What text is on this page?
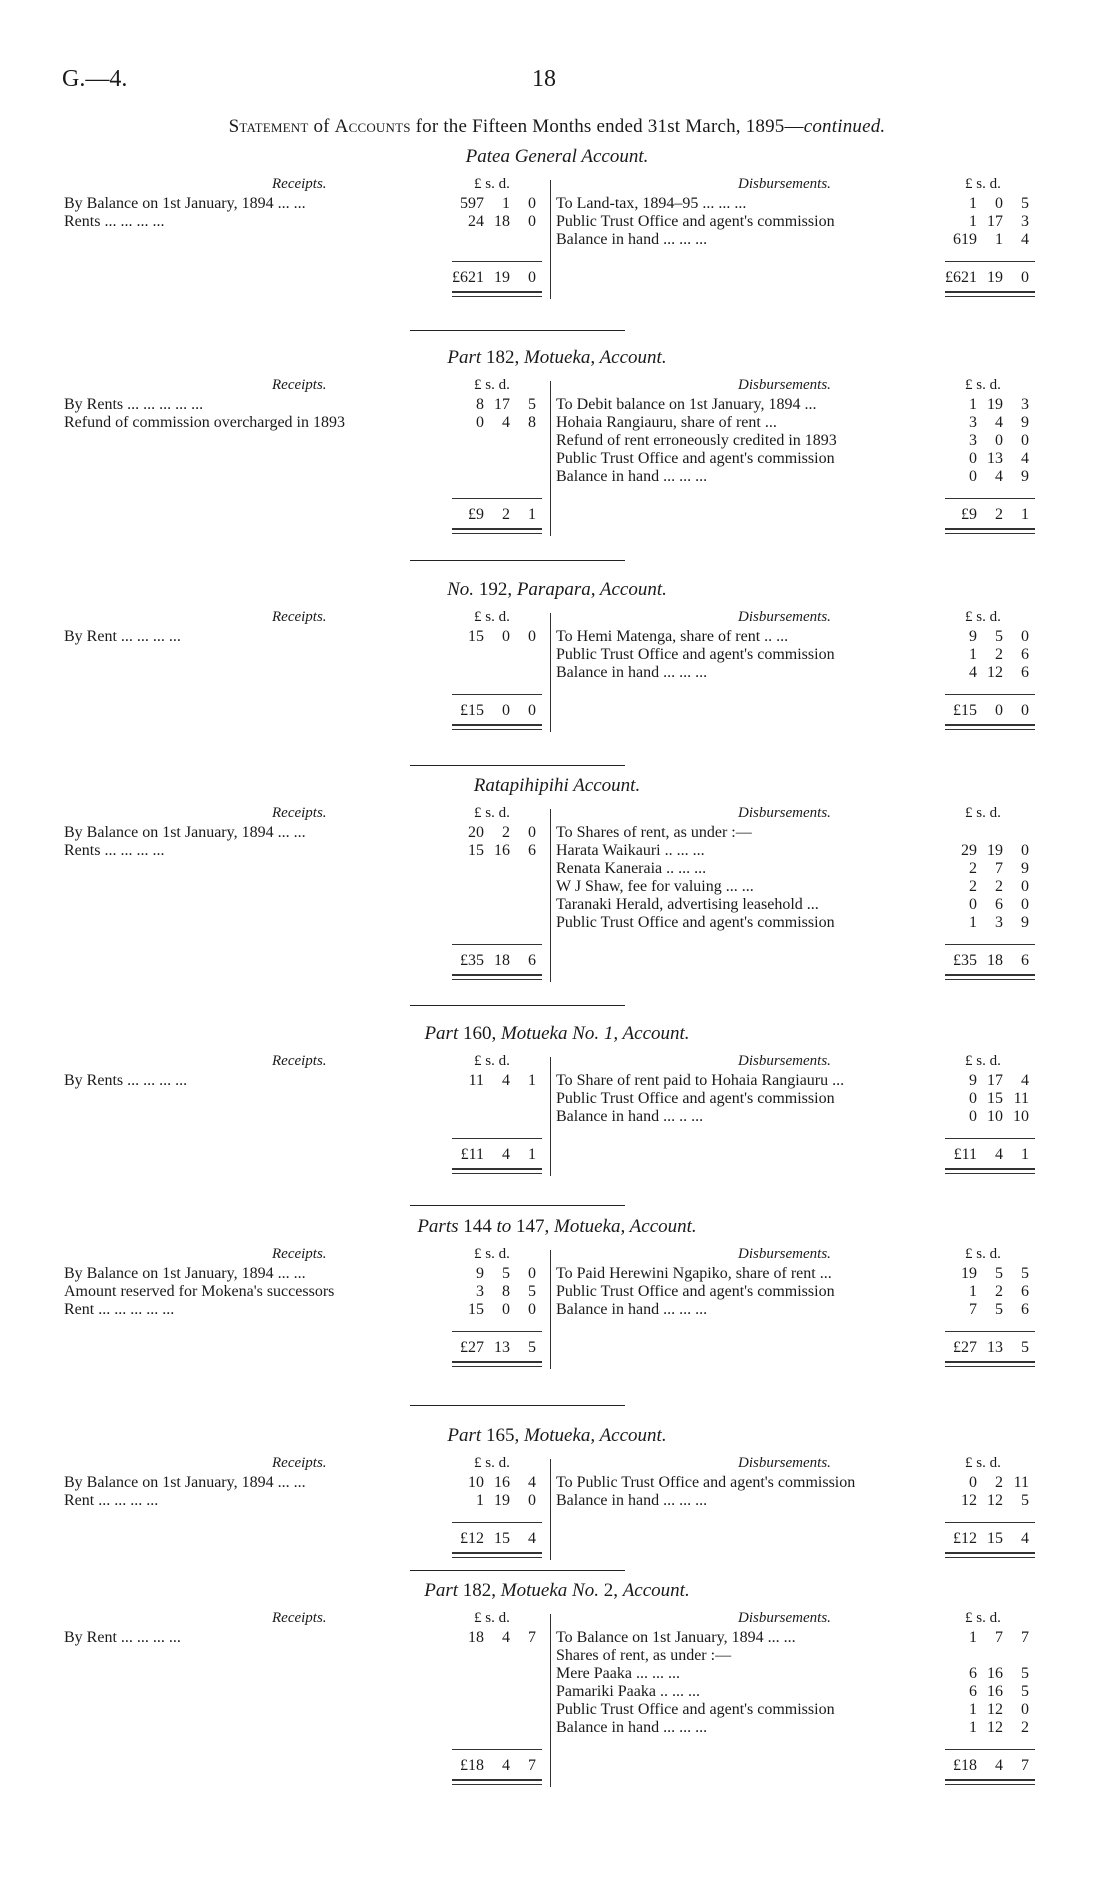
G.—4.	18
Statement of Accounts for the Fifteen Months ended 31st March, 1895—continued.
Patea General Account.
Receipts.	£ s. d.	Disbursements.	£ s. d.
By Balance on 1st January, 1894 ... ...	597 1 0
Rents ... ... ... ...	24 18 0
To Land-tax, 1894–95 ... ... ...	1 0 5
Public Trust Office and agent's commission	1 17 3
Balance in hand ... ... ...	619 1 4
£621 19 0	£621 19 0
Part 182, Motueka, Account.
Receipts.	£ s. d.	Disbursements.	£ s. d.
By Rents ... ... ... ... ...	8 17 5
Refund of commission overcharged in 1893	0 4 8
To Debit balance on 1st January, 1894 ...	1 19 3
Hohaia Rangiauru, share of rent ...	3 4 9
Refund of rent erroneously credited in 1893	3 0 0
Public Trust Office and agent's commission	0 13 4
Balance in hand ... ... ...	0 4 9
£9 2 1	£9 2 1
No. 192, Parapara, Account.
Receipts.	£ s. d.	Disbursements.	£ s. d.
By Rent ... ... ... ...	15 0 0 To Hemi Matenga, share of rent .. ...	9 5 0
Public Trust Office and agent's commission	1 2 6
Balance in hand ... ... ...	4 12 6
£15 0 0	£15 0 0
Ratapihipihi Account.
Receipts.	£ s. d.	Disbursements.	£ s. d.
By Balance on 1st January, 1894 ... ...	20 2 0
Rents ... ... ... ...	15 16 6
To Shares of rent, as under :—
Harata Waikauri .. ... ...	29 19 0
Renata Kaneraia .. ... ...	2 7 9
W J Shaw, fee for valuing ... ...	2 2 0
Taranaki Herald, advertising leasehold ...	0 6 0
Public Trust Office and agent's commission	1 3 9
£35 18 6	£35 18 6
Part 160, Motueka No. 1, Account.
Receipts.	£ s. d.	Disbursements.	£ s. d.
By Rents ... ... ... ...	11 4 1 To Share of rent paid to Hohaia Rangiauru ...	9 17 4
Public Trust Office and agent's commission	0 15 11
Balance in hand ... .. ...	0 10 10
£11 4 1	£11 4 1
Parts 144 to 147, Motueka, Account.
Receipts.	£ s. d.	Disbursements.	£ s. d.
By Balance on 1st January, 1894 ... ...	9 5 0
Amount reserved for Mokena's successors	3 8 5
Rent ... ... ... ... ...	15 0 0
To Paid Herewini Ngapiko, share of rent ...	19 5 5
Public Trust Office and agent's commission	1 2 6
Balance in hand ... ... ...	7 5 6
£27 13 5	£27 13 5
Part 165, Motueka, Account.
Receipts.	£ s. d.	Disbursements.	£ s. d.
By Balance on 1st January, 1894 ... ...	10 16 4
Rent ... ... ... ...	1 19 0
To Public Trust Office and agent's commission	0 2 11
Balance in hand ... ... ...	12 12 5
£12 15 4	£12 15 4
Part 182, Motueka No. 2, Account.
Receipts.	£ s. d.	Disbursements.	£ s. d.
By Rent ... ... ... ...	18 4 7 To Balance on 1st January, 1894 ... ...	1 7 7
Shares of rent, as under :—
Mere Paaka ... ... ...	6 16 5
Pamariki Paaka .. ... ...	6 16 5
Public Trust Office and agent's commission	1 12 0
Balance in hand ... ... ...	1 12 2
£18 4 7	£18 4 7
